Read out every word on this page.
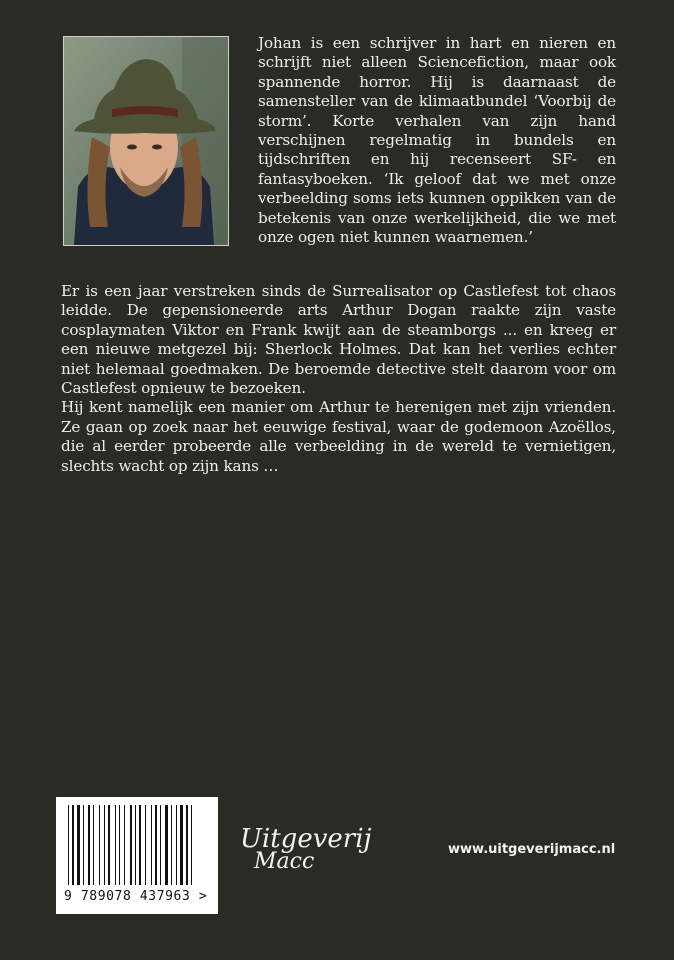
Johan is een schrijver in hart en nieren en schrijft niet alleen Sciencefiction, maar ook spannende horror. Hij is daarnaast de samensteller van de klimaatbundel ‘Voorbij de storm’. Korte verhalen van zijn hand verschijnen regelmatig in bundels en tijdschriften en hij recenseert SF- en fantasyboeken. ‘Ik geloof dat we met onze verbeelding soms iets kunnen oppikken van de betekenis van onze werkelijkheid, die we met onze ogen niet kunnen waarnemen.’

Er is een jaar verstreken sinds de Surrealisator op Castlefest tot chaos leidde. De gepensioneerde arts Arthur Dogan raakte zijn vaste cosplaymaten Viktor en Frank kwijt aan de steamborgs ... en kreeg er een nieuwe metgezel bij: Sherlock Holmes. Dat kan het verlies echter niet helemaal goedmaken. De beroemde detective stelt daarom voor om Castlefest opnieuw te bezoeken.

Hij kent namelijk een manier om Arthur te herenigen met zijn vrienden. Ze gaan op zoek naar het eeuwige festival, waar de godemoon Azoëllos, die al eerder probeerde alle verbeelding in de wereld te vernietigen, slechts wacht op zijn kans …

9 789078 437963 >
Uitgeverij
Macc	www.uitgeverijmacc.nl
